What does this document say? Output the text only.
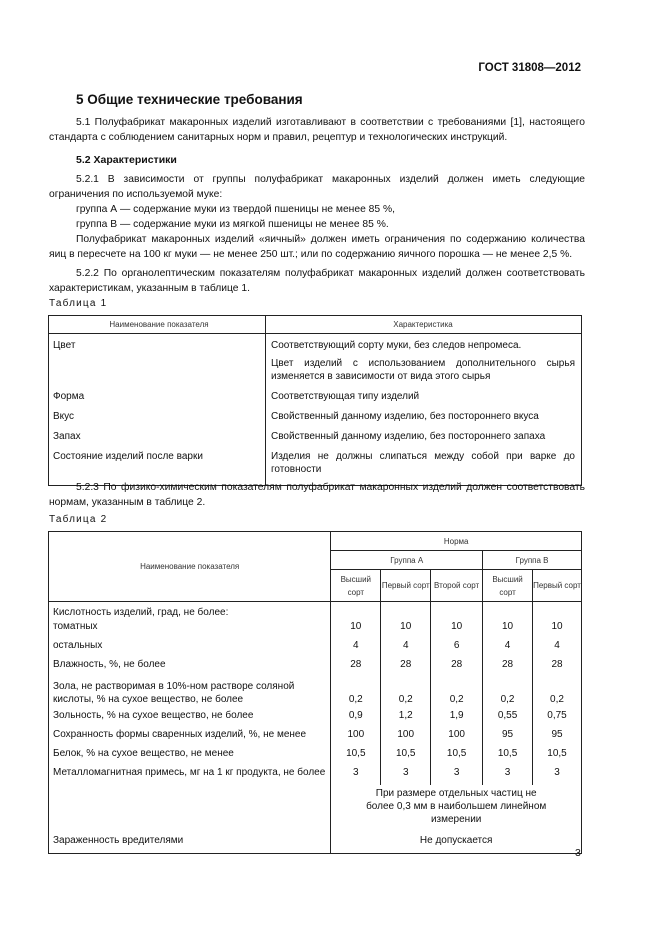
ГОСТ 31808—2012
5 Общие технические требования
5.1 Полуфабрикат макаронных изделий изготавливают в соответствии с требованиями [1], настоящего стандарта с соблюдением санитарных норм и правил, рецептур и технологических инструкций.
5.2 Характеристики
5.2.1 В зависимости от группы полуфабрикат макаронных изделий должен иметь следующие ограничения по используемой муке:
группа А — содержание муки из твердой пшеницы не менее 85 %,
группа В — содержание муки из мягкой пшеницы не менее 85 %.
Полуфабрикат макаронных изделий «яичный» должен иметь ограничения по содержанию количества яиц в пересчете на 100 кг муки — не менее 250 шт.; или по содержанию яичного порошка — не менее 2,5 %.
5.2.2 По органолептическим показателям полуфабрикат макаронных изделий должен соответствовать характеристикам, указанным в таблице 1.
Таблица 1
Наименование показателя	Характеристика
Цвет	Соответствующий сорту муки, без следов непромеса.
	Цвет изделий с использованием дополнительного сырья изменяется в зависимости от вида этого сырья
Форма	Соответствующая типу изделий
Вкус	Свойственный данному изделию, без постороннего вкуса
Запах	Свойственный данному изделию, без постороннего запаха
Состояние изделий после варки	Изделия не должны слипаться между собой при варке до готовности
5.2.3 По физико-химическим показателям полуфабрикат макаронных изделий должен соответствовать нормам, указанным в таблице 2.
Таблица 2
Наименование показателя	Норма				
	Группа А			Группа В	
	Высший сорт	Первый сорт	Второй сорт	Высший сорт	Первый сорт
Кислотность изделий, град, не более:					
томатных	10	10	10	10	10
остальных	4	4	6	4	4
Влажность, %, не более	28	28	28	28	28
Зола, не растворимая в 10%-ном растворе соляной кислоты, % на сухое вещество, не более	0,2	0,2	0,2	0,2	0,2
Зольность, % на сухое вещество, не более	0,9	1,2	1,9	0,55	0,75
Сохранность формы сваренных изделий, %, не менее	100	100	100	95	95
Белок, % на сухое вещество, не менее	10,5	10,5	10,5	10,5	10,5
Металломагнитная примесь, мг на 1 кг продукта, не более	3	3	3	3	3
	При размере отдельных частиц не более 0,3 мм в наибольшем линейном измерении				
Зараженность вредителями	Не допускается				
3
